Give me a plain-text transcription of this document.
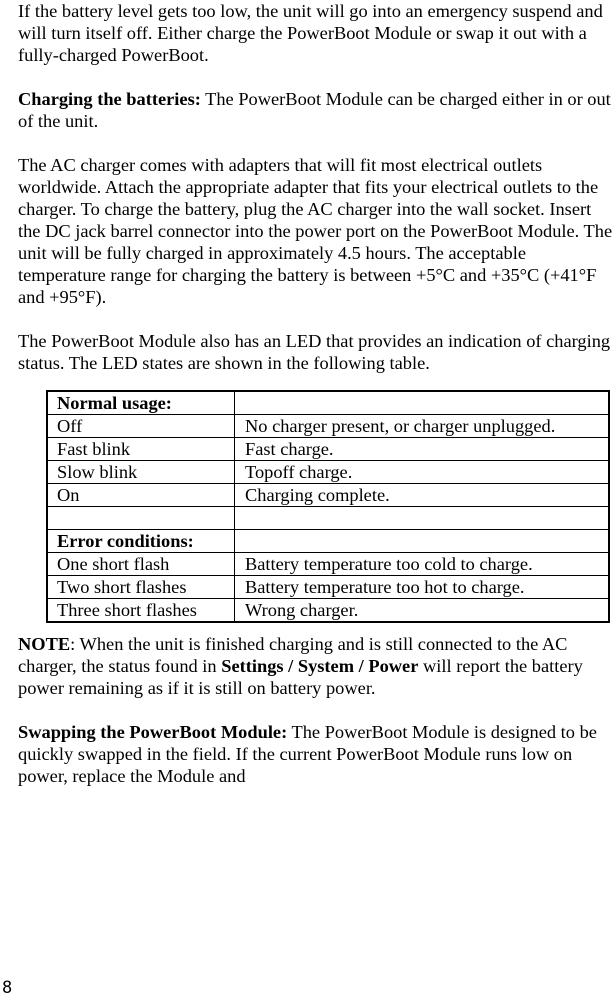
If the battery level gets too low, the unit will go into an emergency suspend and will turn itself off. Either charge the PowerBoot Module or swap it out with a fully-charged PowerBoot.

Charging the batteries: The PowerBoot Module can be charged either in or out of the unit.

The AC charger comes with adapters that will fit most electrical outlets worldwide. Attach the appropriate adapter that fits your electrical outlets to the charger. To charge the battery, plug the AC charger into the wall socket. Insert the DC jack barrel connector into the power port on the PowerBoot Module. The unit will be fully charged in approximately 4.5 hours. The acceptable temperature range for charging the battery is between +5°C and +35°C (+41°F and +95°F).

The PowerBoot Module also has an LED that provides an indication of charging status. The LED states are shown in the following table.

Normal usage:	
Off	No charger present, or charger unplugged.
Fast blink	Fast charge.
Slow blink	Topoff charge.
On	Charging complete.

Error conditions:	
One short flash	Battery temperature too cold to charge.
Two short flashes	Battery temperature too hot to charge.
Three short flashes	Wrong charger.

NOTE: When the unit is finished charging and is still connected to the AC charger, the status found in Settings / System / Power will report the battery power remaining as if it is still on battery power.

Swapping the PowerBoot Module: The PowerBoot Module is designed to be quickly swapped in the field. If the current PowerBoot Module runs low on power, replace the Module and

8
